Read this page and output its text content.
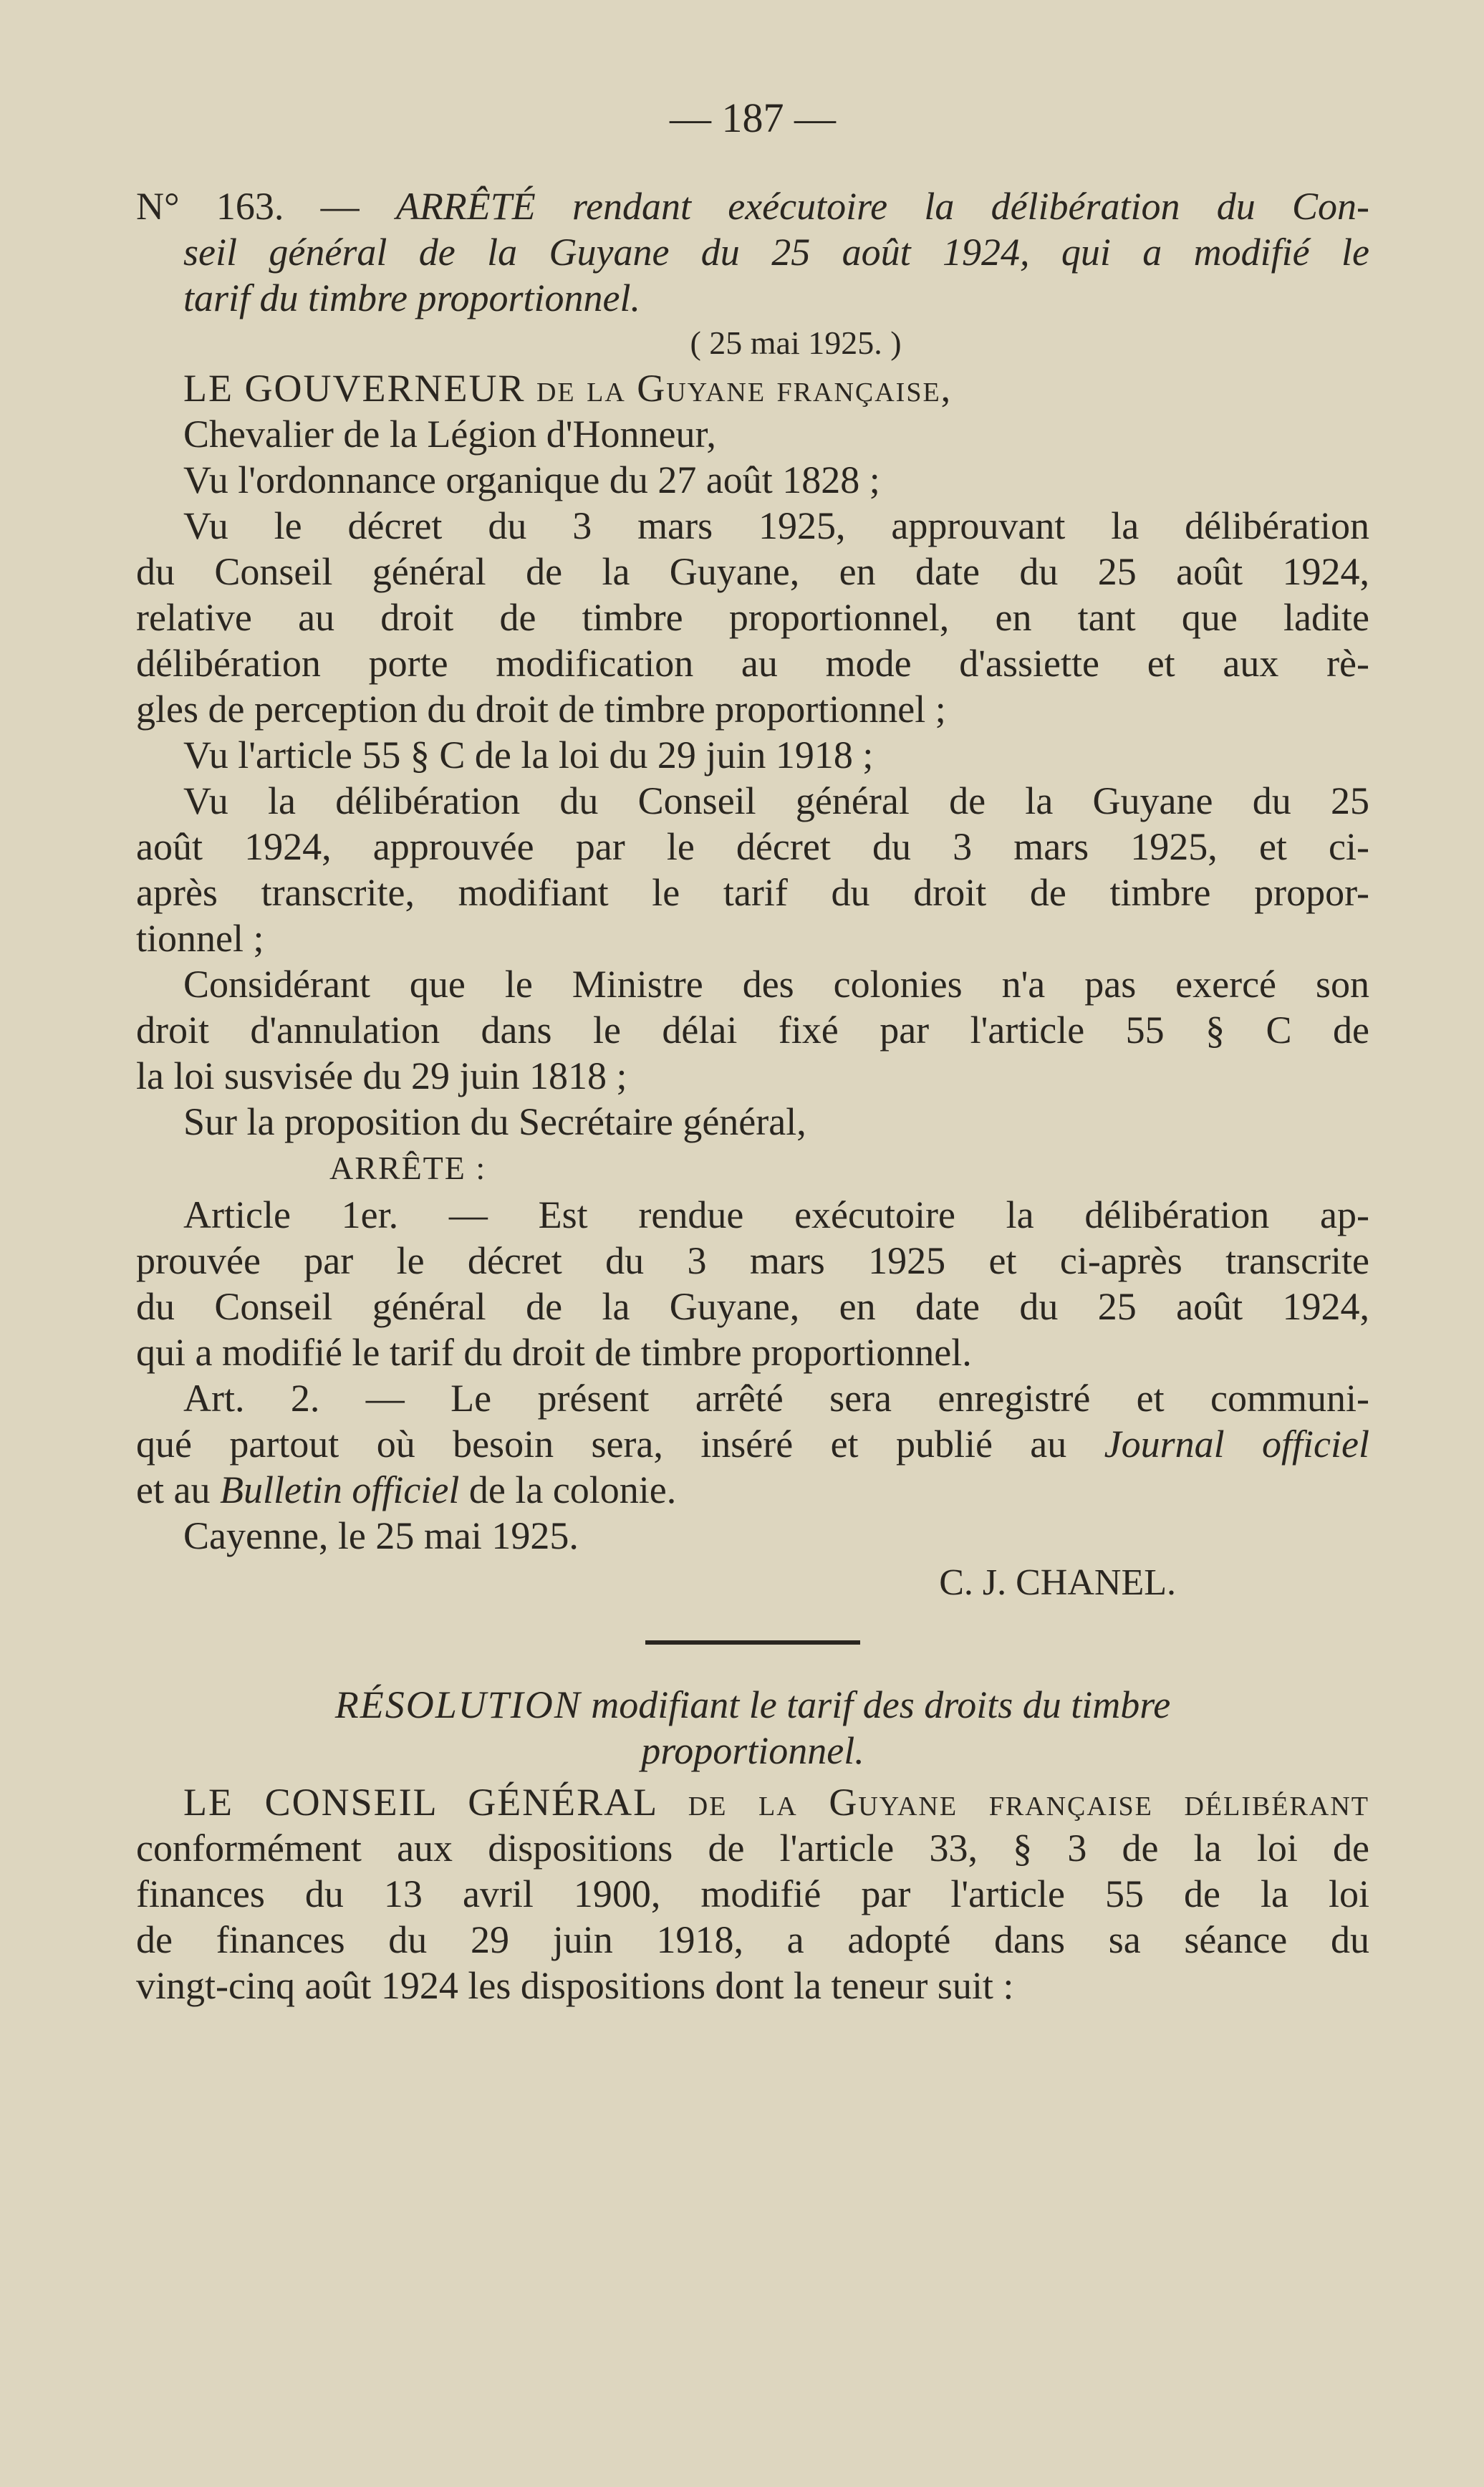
— 187 —
N° 163. — ARRÊTÉ rendant exécutoire la délibération du Con-
seil général de la Guyane du 25 août 1924, qui a modifié le
tarif du timbre proportionnel.
( 25 mai 1925. )
LE GOUVERNEUR de la Guyane française,
Chevalier de la Légion d'Honneur,
Vu l'ordonnance organique du 27 août 1828 ;
Vu le décret du 3 mars 1925, approuvant la délibération
du Conseil général de la Guyane, en date du 25 août 1924,
relative au droit de timbre proportionnel, en tant que ladite
délibération porte modification au mode d'assiette et aux rè-
gles de perception du droit de timbre proportionnel ;
Vu l'article 55 § C de la loi du 29 juin 1918 ;
Vu la délibération du Conseil général de la Guyane du 25
août 1924, approuvée par le décret du 3 mars 1925, et ci-
après transcrite, modifiant le tarif du droit de timbre propor-
tionnel ;
Considérant que le Ministre des colonies n'a pas exercé son
droit d'annulation dans le délai fixé par l'article 55 § C de
la loi susvisée du 29 juin 1818 ;
Sur la proposition du Secrétaire général,
ARRÊTE :
Article 1er. — Est rendue exécutoire la délibération ap-
prouvée par le décret du 3 mars 1925 et ci-après transcrite
du Conseil général de la Guyane, en date du 25 août 1924,
qui a modifié le tarif du droit de timbre proportionnel.
Art. 2. — Le présent arrêté sera enregistré et communi-
qué partout où besoin sera, inséré et publié au Journal officiel
et au Bulletin officiel de la colonie.
Cayenne, le 25 mai 1925.
C. J. CHANEL.
RÉSOLUTION modifiant le tarif des droits du timbre
proportionnel.
LE CONSEIL GÉNÉRAL de la Guyane française délibérant
conformément aux dispositions de l'article 33, § 3 de la loi de
finances du 13 avril 1900, modifié par l'article 55 de la loi
de finances du 29 juin 1918, a adopté dans sa séance du
vingt-cinq août 1924 les dispositions dont la teneur suit :
